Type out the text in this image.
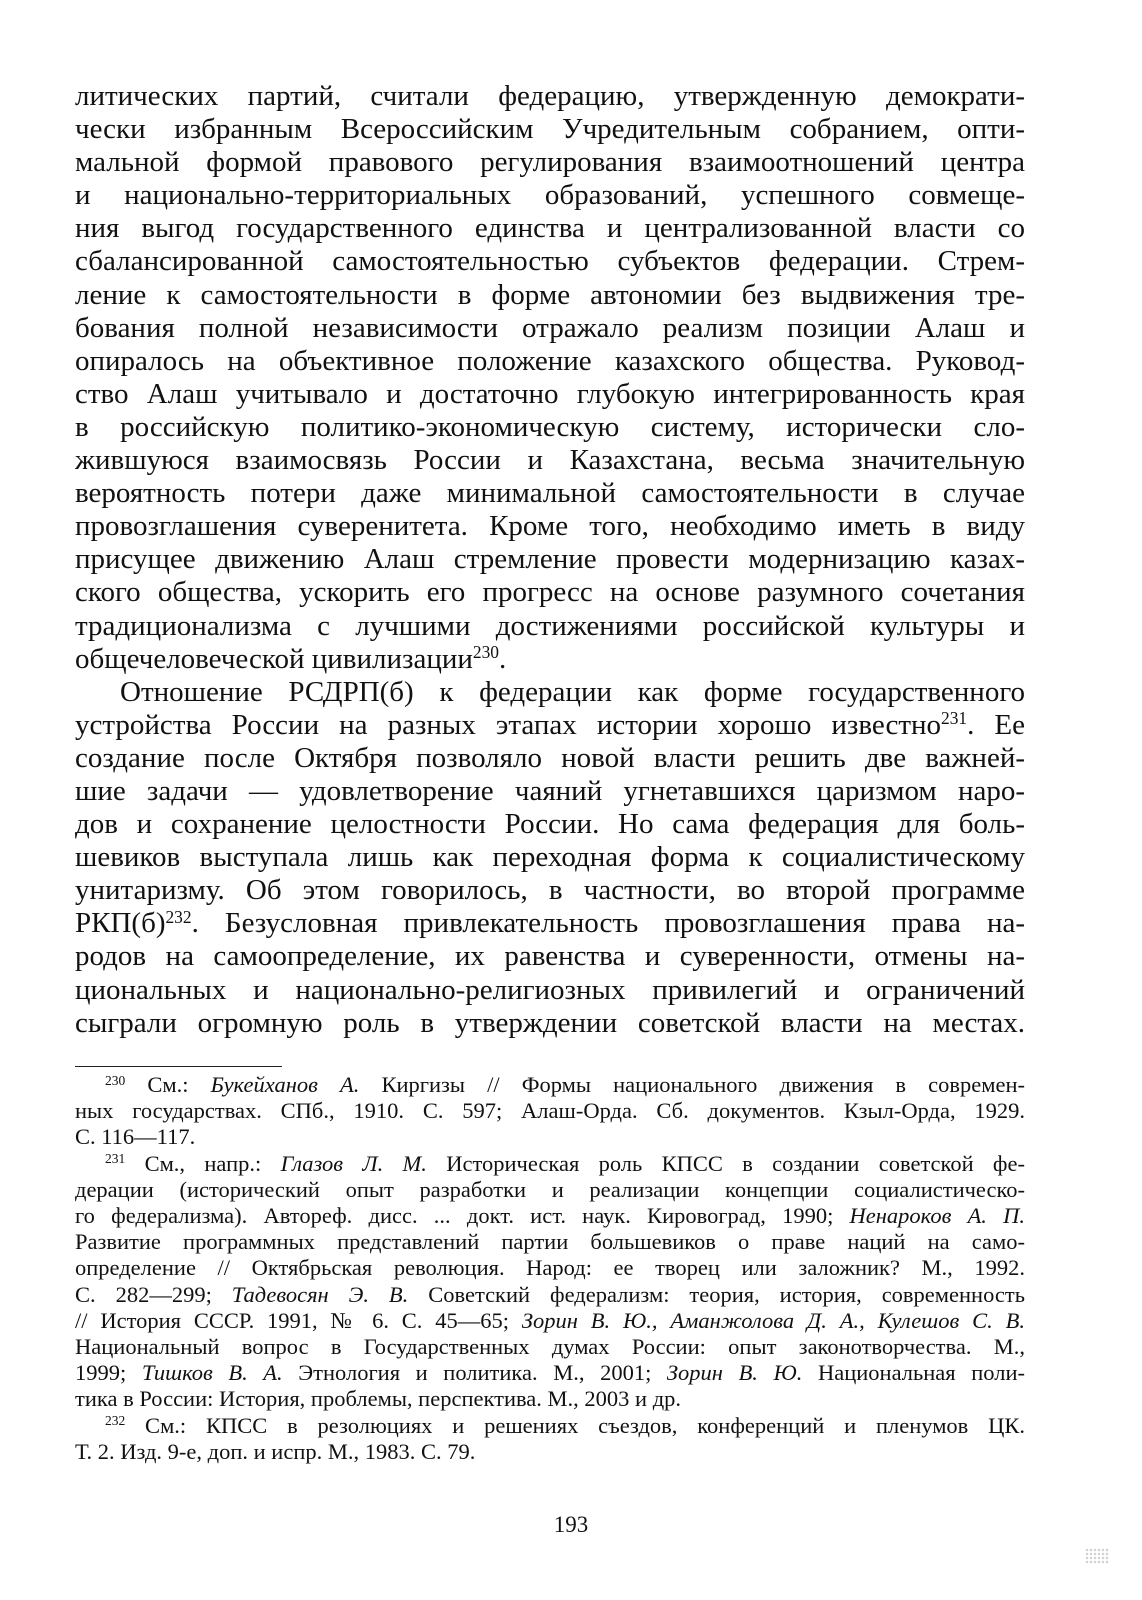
литических партий, считали федерацию, утвержденную демократи-
чески избранным Всероссийским Учредительным собранием, опти-
мальной формой правового регулирования взаимоотношений центра
и национально-территориальных образований, успешного совмеще-
ния выгод государственного единства и централизованной власти со
сбалансированной самостоятельностью субъектов федерации. Стрем-
ление к самостоятельности в форме автономии без выдвижения тре-
бования полной независимости отражало реализм позиции Алаш и
опиралось на объективное положение казахского общества. Руковод-
ство Алаш учитывало и достаточно глубокую интегрированность края
в российскую политико-экономическую систему, исторически сло-
жившуюся взаимосвязь России и Казахстана, весьма значительную
вероятность потери даже минимальной самостоятельности в случае
провозглашения суверенитета. Кроме того, необходимо иметь в виду
присущее движению Алаш стремление провести модернизацию казах-
ского общества, ускорить его прогресс на основе разумного сочетания
традиционализма с лучшими достижениями российской культуры и
общечеловеческой цивилизации$^{230}$.
Отношение РСДРП(б) к федерации как форме государственного
устройства России на разных этапах истории хорошо известно$^{231}$. Ее
создание после Октября позволяло новой власти решить две важней-
шие задачи — удовлетворение чаяний угнетавшихся царизмом наро-
дов и сохранение целостности России. Но сама федерация для боль-
шевиков выступала лишь как переходная форма к социалистическому
унитаризму. Об этом говорилось, в частности, во второй программе
$РКП(б)^{232}$. Безусловная привлекательность провозглашения права на-
родов на самоопределение, их равенства и суверенности, отмены на-
циональных и национально-религиозных привилегий и ограничений
сыграли огромную роль в утверждении советской власти на местах.
$^{230}$ См.: Букейханов А. Киргизы // Формы национального движения в современ-
ных государствах. СПб., 1910. С. 597; Алаш-Орда. Сб. документов. Кзыл-Орда, 1929.
С. 116—117.
$^{231}$ См., напр.: Глазов Л. М. Историческая роль КПСС в создании советской фе-
дерации (исторический опыт разработки и реализации концепции социалистическо-
го федерализма). Автореф. дисс. ... докт. ист. наук. Кировоград, 1990; Ненароков А. П.
Развитие программных представлений партии большевиков о праве наций на само-
определение // Октябрьская революция. Народ: ее творец или заложник? М., 1992.
С. 282—299; Тадевосян Э. В. Советский федерализм: теория, история, современность
// История СССР. 1991, № 6. С. 45—65; Зорин В. Ю., Аманжолова Д. А., Кулешов С. В.
Национальный вопрос в Государственных думах России: опыт законотворчества. М.,
1999; Тишков В. А. Этнология и политика. М., 2001; Зорин В. Ю. Национальная поли-
тика в России: История, проблемы, перспектива. М., 2003 и др.
$^{232}$ См.: КПСС в резолюциях и решениях съездов, конференций и пленумов ЦК.
Т. 2. Изд. 9-е, доп. и испр. М., 1983. С. 79.
193
